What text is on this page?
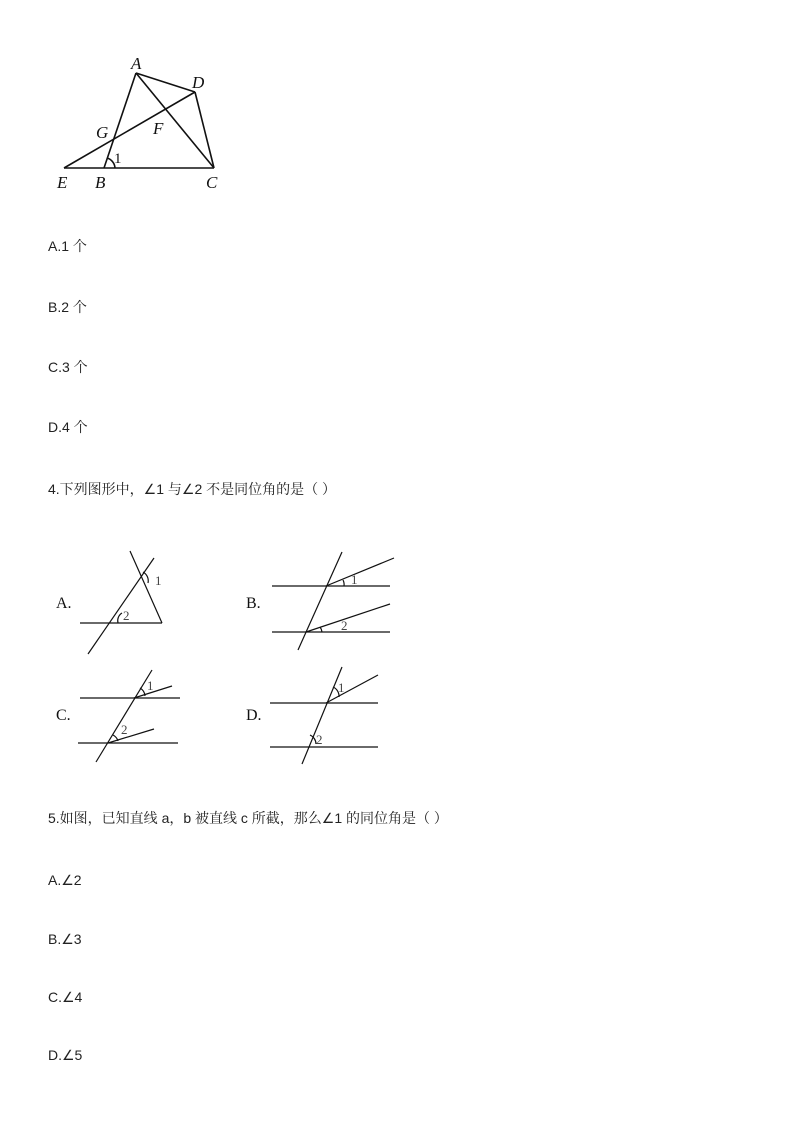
A
D
G	F
E B	C
1
A.1 个
B.2 个
C.3 个
D.4 个
4.下列图形中，∠1 与∠2 不是同位角的是（ ）
A.	B.
C.	D.
1
2
1
2
1
2
1
2
5.如图，已知直线 a，b 被直线 c 所截，那么∠1 的同位角是（ ）
A.∠2
B.∠3
C.∠4
D.∠5
